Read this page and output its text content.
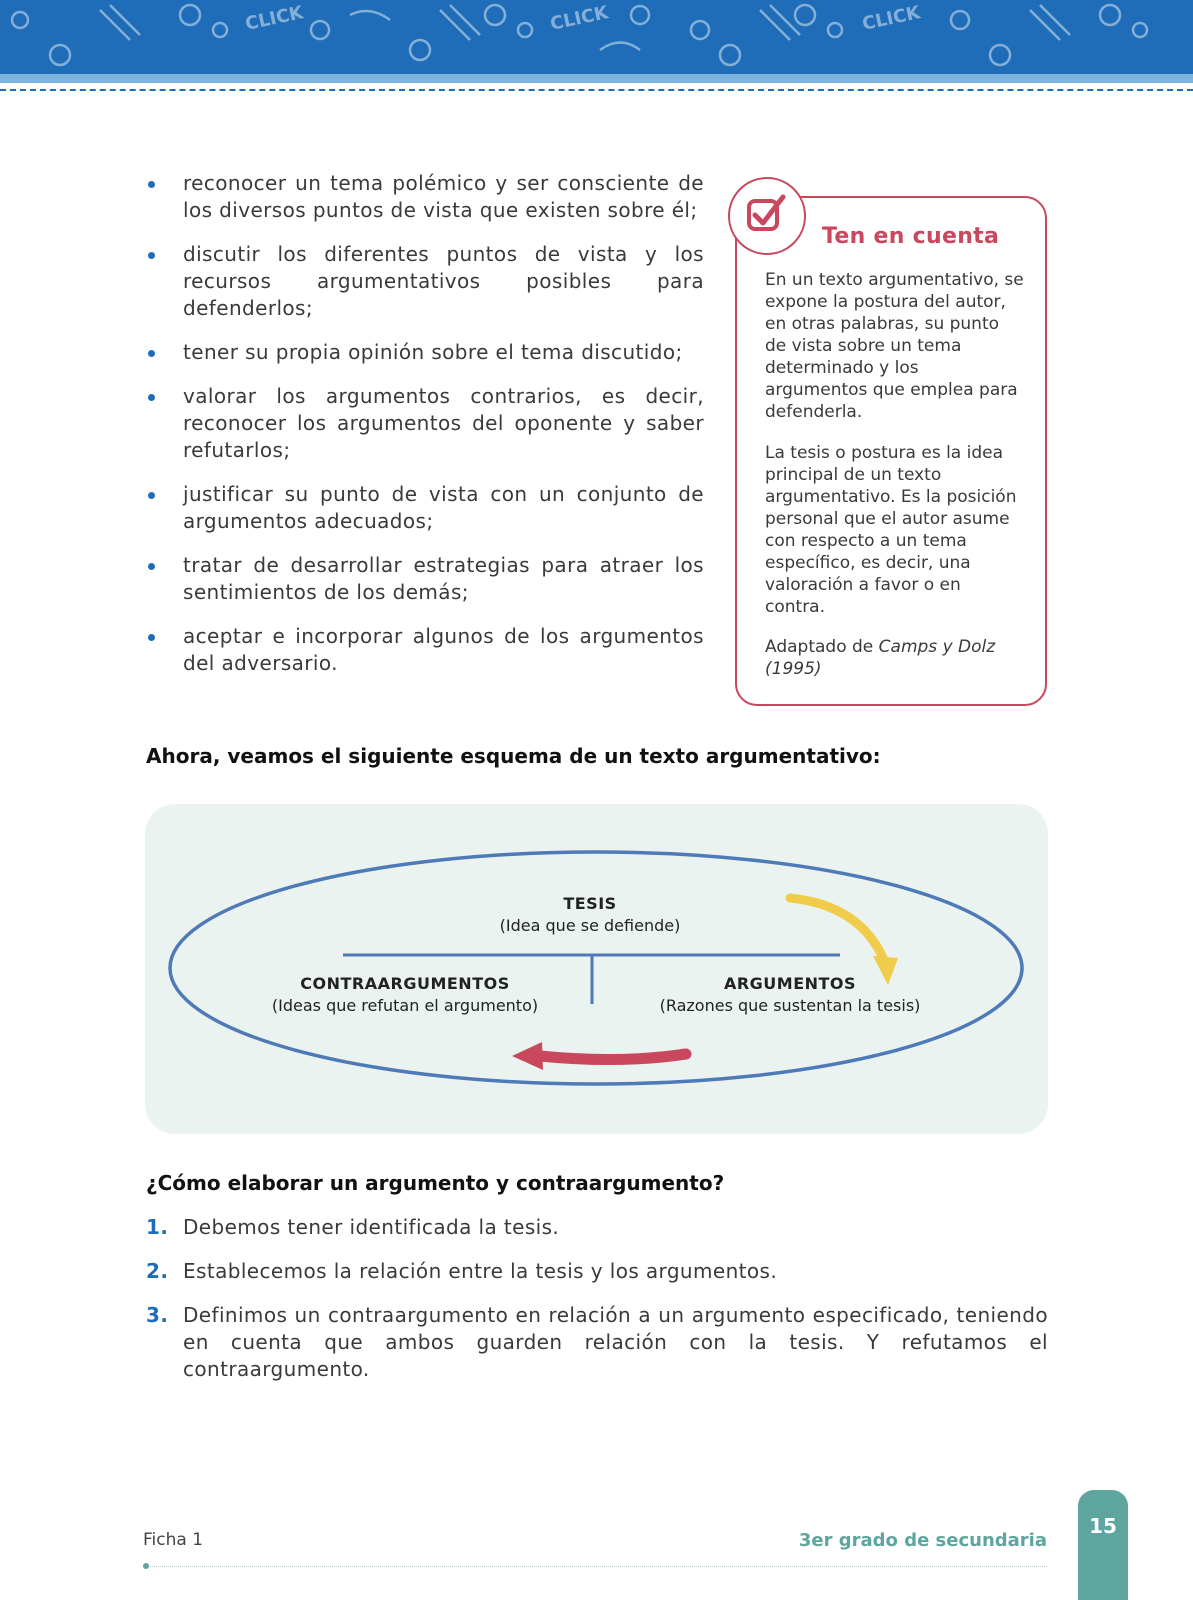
CLICK	CLICK	CLICK
reconocer un tema polémico y ser consciente de los diversos puntos de vista que existen sobre él;
discutir los diferentes puntos de vista y los recursos argumentativos posibles para defenderlos;
tener su propia opinión sobre el tema discutido;
valorar los argumentos contrarios, es decir, reconocer los argumentos del oponente y saber refutarlos;
justificar su punto de vista con un conjunto de argumentos adecuados;
tratar de desarrollar estrategias para atraer los sentimientos de los demás;
aceptar e incorporar algunos de los argumentos del adversario.
Ten en cuenta

En un texto argumentativo, se expone la postura del autor, en otras palabras, su punto de vista sobre un tema determinado y los argumentos que emplea para defenderla.

La tesis o postura es la idea principal de un texto argumentativo. Es la posición personal que el autor asume con respecto a un tema específico, es decir, una valoración a favor o en contra.

Adaptado de Camps y Dolz (1995)

Ahora, veamos el siguiente esquema de un texto argumentativo:

TESIS
(Idea que se defiende)
CONTRAARGUMENTOS
(Ideas que refutan el argumento)
ARGUMENTOS
(Razones que sustentan la tesis)

¿Cómo elaborar un argumento y contraargumento?

1. Debemos tener identificada la tesis.
2. Establecemos la relación entre la tesis y los argumentos.
3. Definimos un contraargumento en relación a un argumento especificado, teniendo en cuenta que ambos guarden relación con la tesis. Y refutamos el contraargumento.
Ficha 1	3er grado de secundaria
15
